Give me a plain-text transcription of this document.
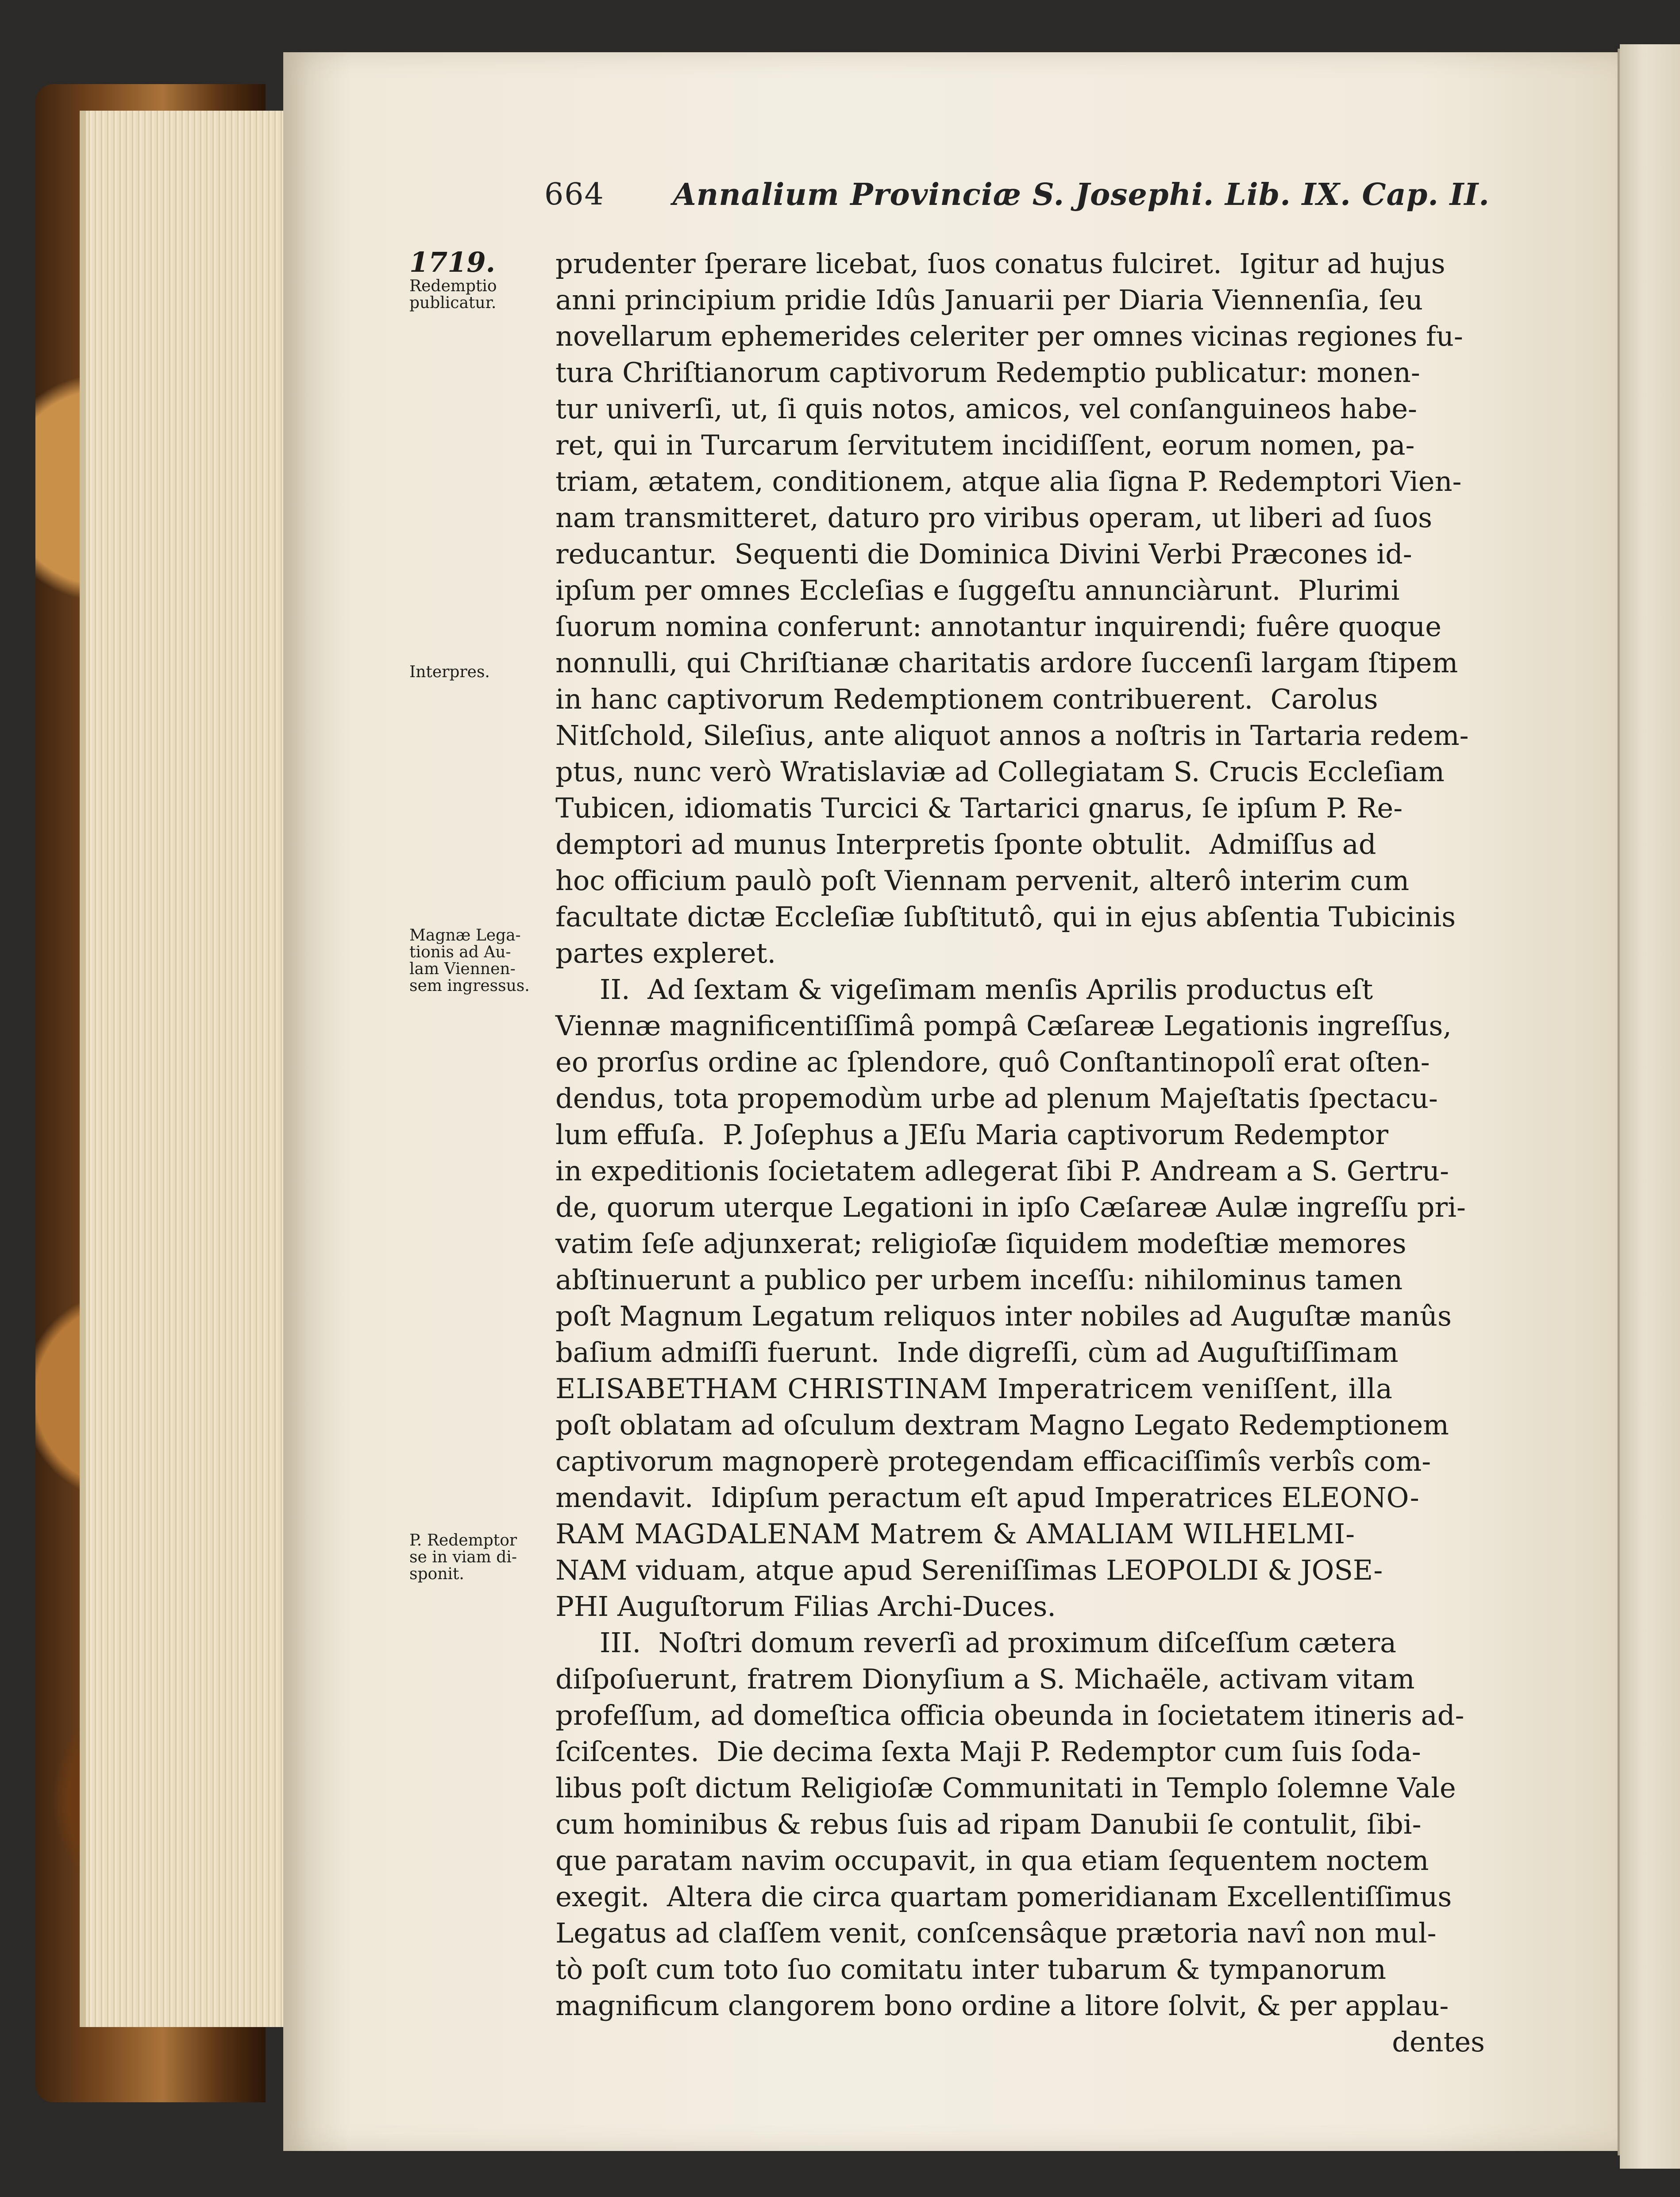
664 Annalium Provinciæ S. Josephi. Lib. IX. Cap. II.
1719.
Redemptio
publicatur.
Interpres.
Magnæ Lega-
tionis ad Au-
lam Viennen-
sem ingressus.
P. Redemptor
se in viam di-
sponit.
prudenter ſperare licebat, ſuos conatus fulciret.  Igitur ad hujus
anni principium pridie Idûs Januarii per Diaria Viennenſia, ſeu
novellarum ephemerides celeriter per omnes vicinas regiones fu-
tura Chriſtianorum captivorum Redemptio publicatur: monen-
tur univerſi, ut, ſi quis notos, amicos, vel conſanguineos habe-
ret, qui in Turcarum ſervitutem incidiſſent, eorum nomen, pa-
triam, ætatem, conditionem, atque alia ſigna P. Redemptori Vien-
nam transmitteret, daturo pro viribus operam, ut liberi ad ſuos
reducantur.  Sequenti die Dominica Divini Verbi Præcones id-
ipſum per omnes Eccleſias e ſuggeſtu annunciàrunt.  Plurimi
ſuorum nomina conferunt: annotantur inquirendi; fuêre quoque
nonnulli, qui Chriſtianæ charitatis ardore ſuccenſi largam ſtipem
in hanc captivorum Redemptionem contribuerent.  Carolus
Nitſchold, Sileſius, ante aliquot annos a noſtris in Tartaria redem-
ptus, nunc verò Wratislaviæ ad Collegiatam S. Crucis Eccleſiam
Tubicen, idiomatis Turcici & Tartarici gnarus, ſe ipſum P. Re-
demptori ad munus Interpretis ſponte obtulit.  Admiſſus ad
hoc officium paulò poſt Viennam pervenit, alterô interim cum
facultate dictæ Eccleſiæ ſubſtitutô, qui in ejus abſentia Tubicinis
partes expleret.
II.  Ad ſextam & vigeſimam menſis Aprilis productus eſt
Viennæ magnificentiſſimâ pompâ Cæſareæ Legationis ingreſſus,
eo prorſus ordine ac ſplendore, quô Conſtantinopolî erat oſten-
dendus, tota propemodùm urbe ad plenum Majeſtatis ſpectacu-
lum effuſa.  P. Joſephus a JEſu Maria captivorum Redemptor
in expeditionis ſocietatem adlegerat ſibi P. Andream a S. Gertru-
de, quorum uterque Legationi in ipſo Cæſareæ Aulæ ingreſſu pri-
vatim ſeſe adjunxerat; religioſæ ſiquidem modeſtiæ memores
abſtinuerunt a publico per urbem inceſſu: nihilominus tamen
poſt Magnum Legatum reliquos inter nobiles ad Auguſtæ manûs
baſium admiſſi fuerunt.  Inde digreſſi, cùm ad Auguſtiſſimam
ELISABETHAM CHRISTINAM Imperatricem veniſſent, illa
poſt oblatam ad oſculum dextram Magno Legato Redemptionem
captivorum magnoperè protegendam efficaciſſimîs verbîs com-
mendavit.  Idipſum peractum eſt apud Imperatrices ELEONO-
RAM MAGDALENAM Matrem & AMALIAM WILHELMI-
NAM viduam, atque apud Sereniſſimas LEOPOLDI & JOSE-
PHI Auguſtorum Filias Archi-Duces.
III.  Noſtri domum reverſi ad proximum diſceſſum cætera
diſpoſuerunt, fratrem Dionyſium a S. Michaële, activam vitam
profeſſum, ad domeſtica officia obeunda in ſocietatem itineris ad-
ſciſcentes.  Die decima ſexta Maji P. Redemptor cum ſuis ſoda-
libus poſt dictum Religioſæ Communitati in Templo ſolemne Vale
cum hominibus & rebus ſuis ad ripam Danubii ſe contulit, ſibi-
que paratam navim occupavit, in qua etiam ſequentem noctem
exegit.  Altera die circa quartam pomeridianam Excellentiſſimus
Legatus ad claſſem venit, conſcensâque prætoria navî non mul-
tò poſt cum toto ſuo comitatu inter tubarum & tympanorum
magnificum clangorem bono ordine a litore ſolvit, & per applau-
dentes
